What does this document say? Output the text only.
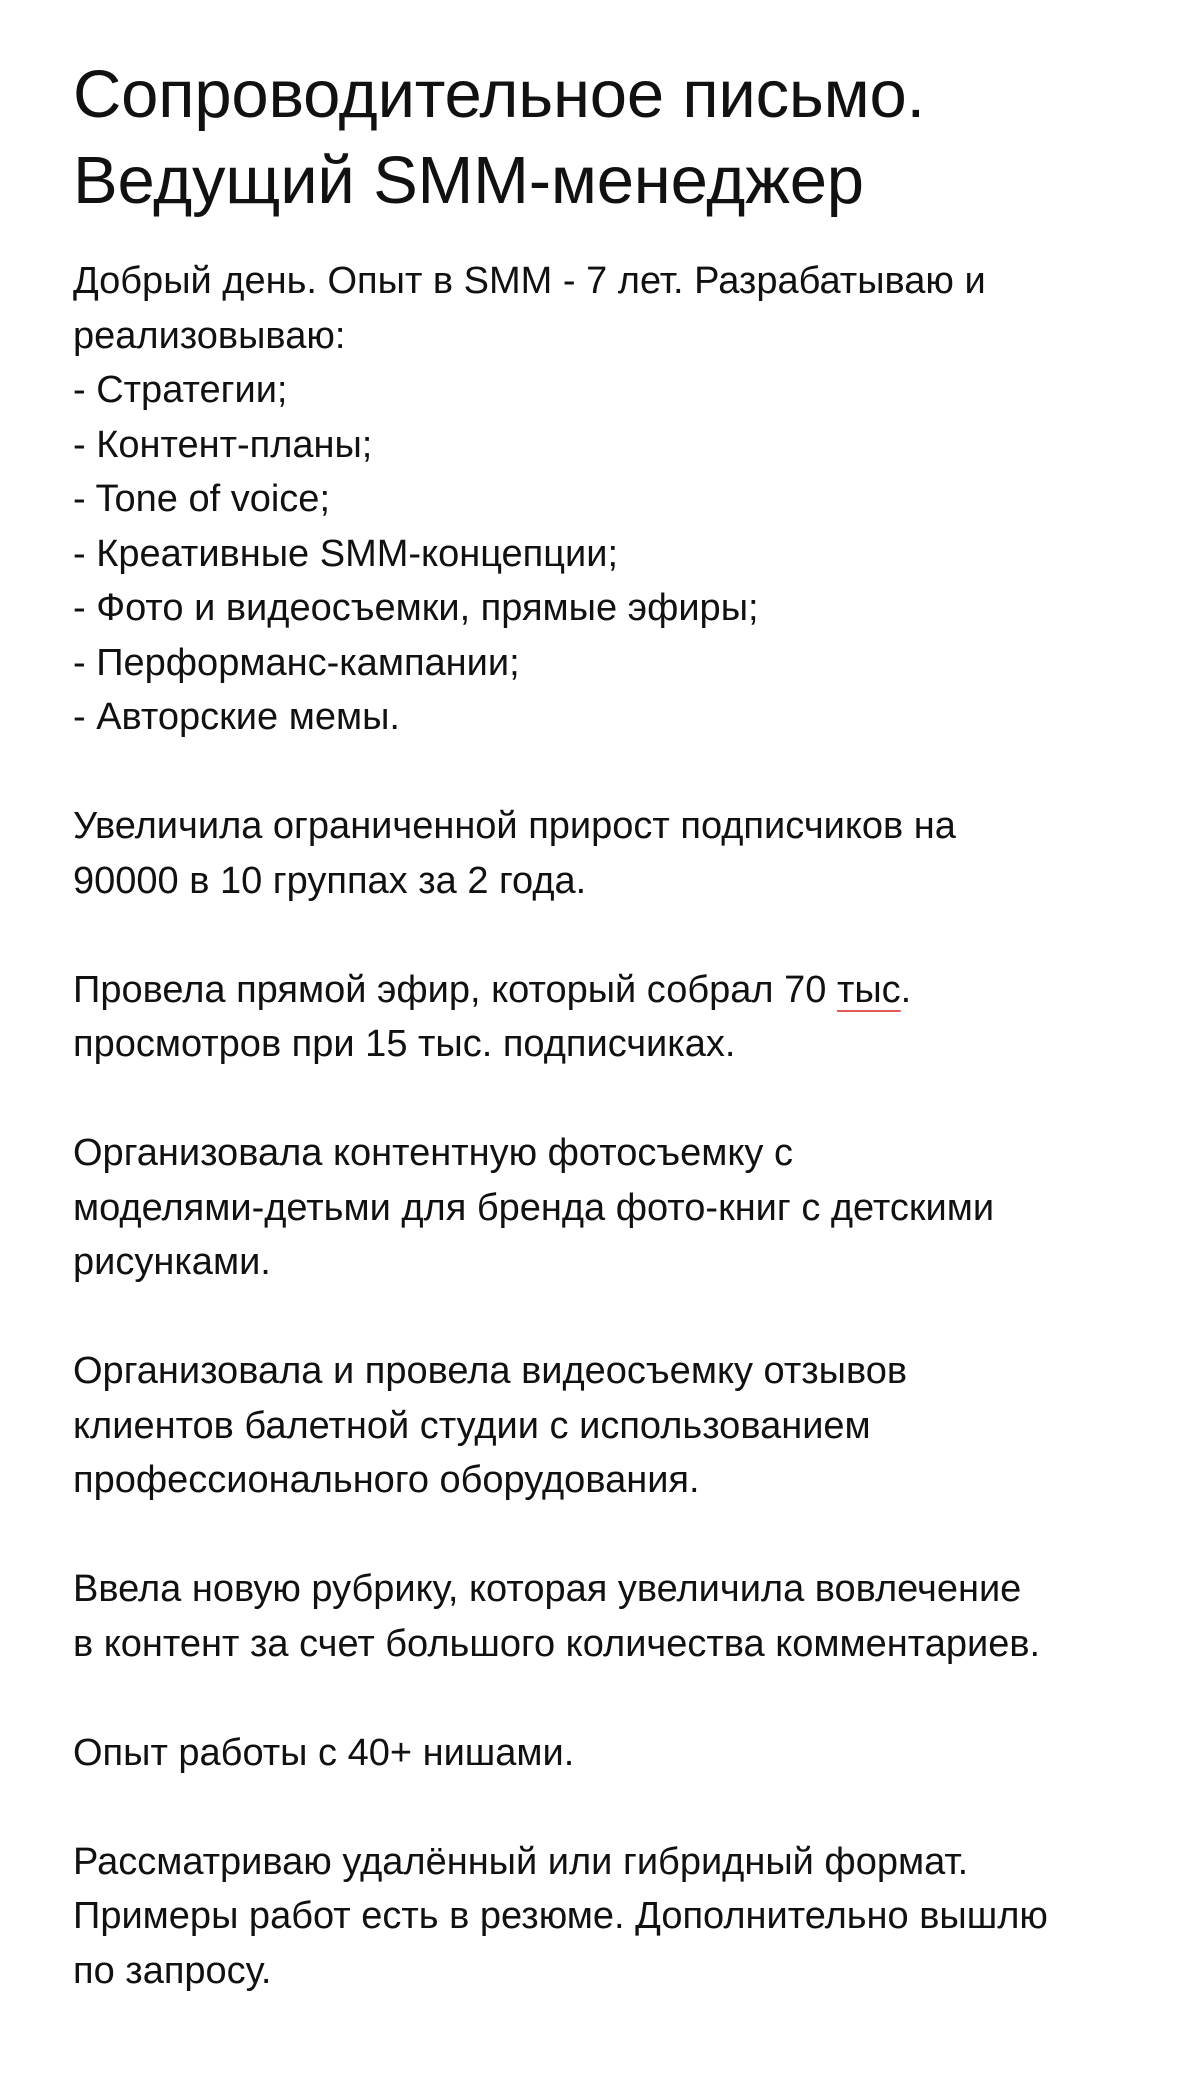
Сопроводительное письмо.
Ведущий SMM-менеджер

Добрый день. Опыт в SMM - 7 лет. Разрабатываю и
реализовываю:
- Стратегии;
- Контент-планы;
- Tone of voice;
- Креативные SMM-концепции;
- Фото и видеосъемки, прямые эфиры;
- Перформанс-кампании;
- Авторские мемы.

Увеличила ограниченной прирост подписчиков на
90000 в 10 группах за 2 года.

Провела прямой эфир, который собрал 70 тыс.
просмотров при 15 тыс. подписчиках.

Организовала контентную фотосъемку с
моделями-детьми для бренда фото-книг с детскими
рисунками.

Организовала и провела видеосъемку отзывов
клиентов балетной студии с использованием
профессионального оборудования.

Ввела новую рубрику, которая увеличила вовлечение
в контент за счет большого количества комментариев.

Опыт работы с 40+ нишами.

Рассматриваю удалённый или гибридный формат.
Примеры работ есть в резюме. Дополнительно вышлю
по запросу.
